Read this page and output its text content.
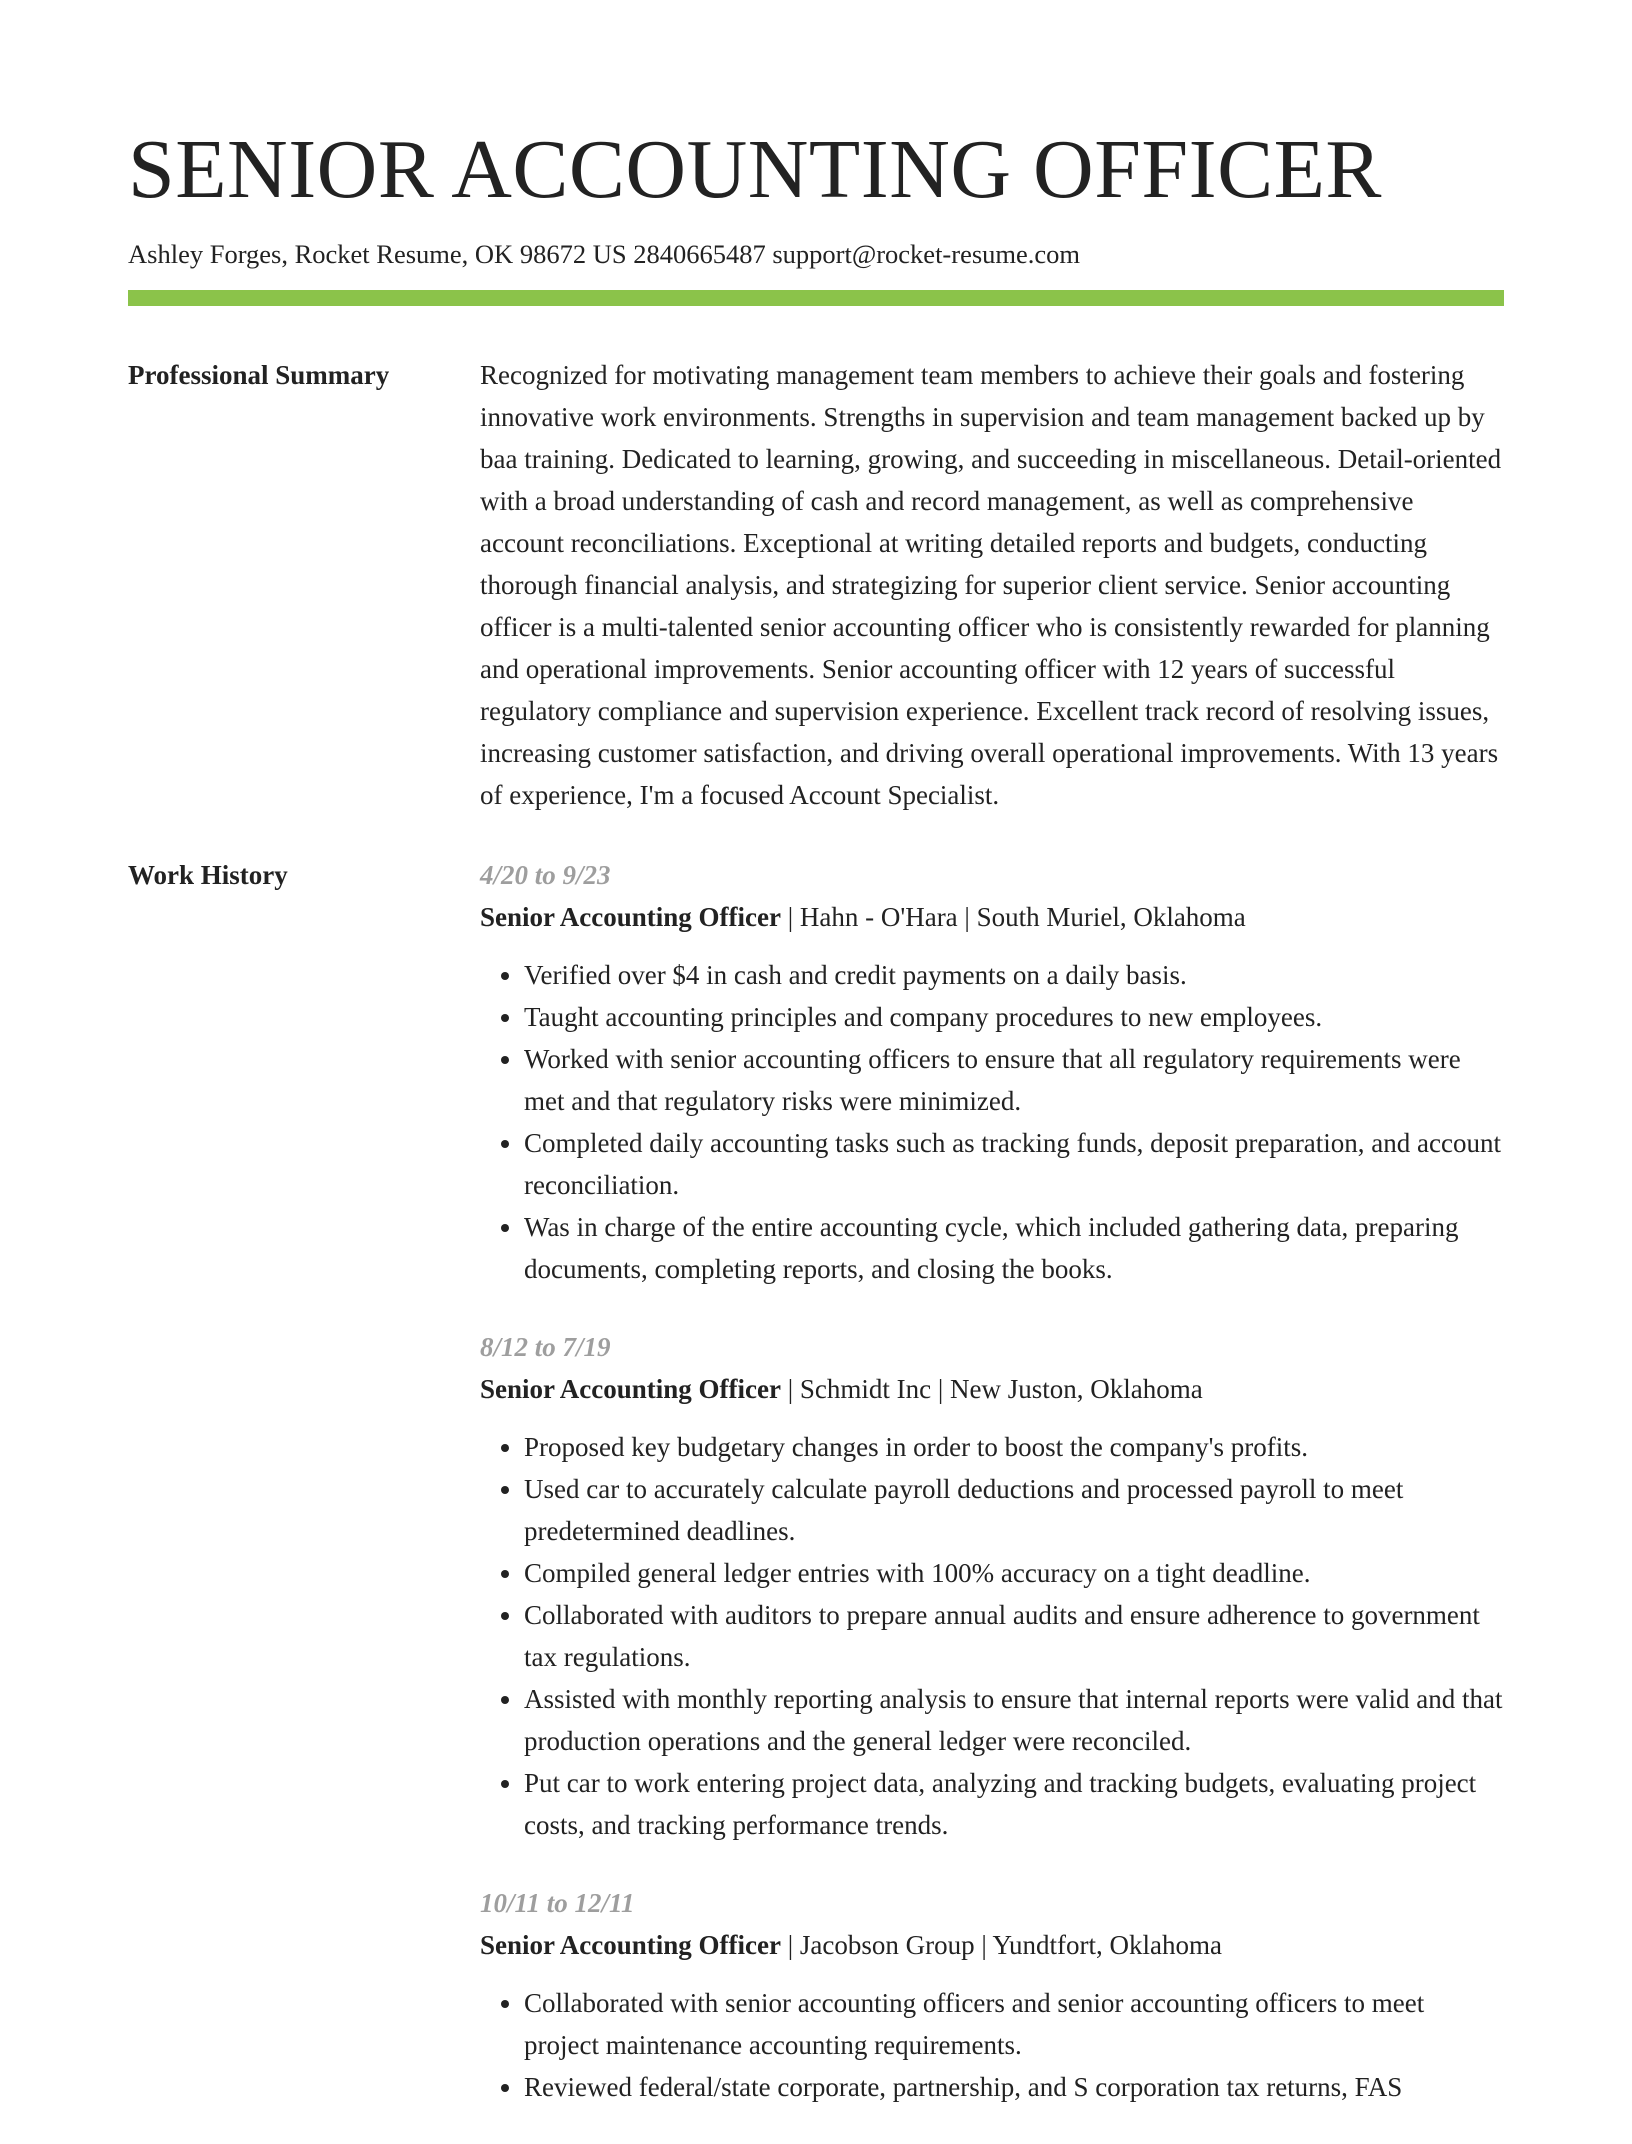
SENIOR ACCOUNTING OFFICER
Ashley Forges, Rocket Resume, OK 98672 US 2840665487 support@rocket-resume.com
Professional Summary	Recognized for motivating management team members to achieve their goals and fostering innovative work environments. Strengths in supervision and team management backed up by baa training. Dedicated to learning, growing, and succeeding in miscellaneous. Detail-oriented with a broad understanding of cash and record management, as well as comprehensive account reconciliations. Exceptional at writing detailed reports and budgets, conducting thorough financial analysis, and strategizing for superior client service. Senior accounting officer is a multi-talented senior accounting officer who is consistently rewarded for planning and operational improvements. Senior accounting officer with 12 years of successful regulatory compliance and supervision experience. Excellent track record of resolving issues, increasing customer satisfaction, and driving overall operational improvements. With 13 years of experience, I'm a focused Account Specialist.

Work History	4/20 to 9/23
Senior Accounting Officer | Hahn - O'Hara | South Muriel, Oklahoma
• Verified over $4 in cash and credit payments on a daily basis.
• Taught accounting principles and company procedures to new employees.
• Worked with senior accounting officers to ensure that all regulatory requirements were met and that regulatory risks were minimized.
• Completed daily accounting tasks such as tracking funds, deposit preparation, and account reconciliation.
• Was in charge of the entire accounting cycle, which included gathering data, preparing documents, completing reports, and closing the books.
8/12 to 7/19
Senior Accounting Officer | Schmidt Inc | New Juston, Oklahoma
• Proposed key budgetary changes in order to boost the company's profits.
• Used car to accurately calculate payroll deductions and processed payroll to meet predetermined deadlines.
• Compiled general ledger entries with 100% accuracy on a tight deadline.
• Collaborated with auditors to prepare annual audits and ensure adherence to government tax regulations.
• Assisted with monthly reporting analysis to ensure that internal reports were valid and that production operations and the general ledger were reconciled.
• Put car to work entering project data, analyzing and tracking budgets, evaluating project costs, and tracking performance trends.
10/11 to 12/11
Senior Accounting Officer | Jacobson Group | Yundtfort, Oklahoma
• Collaborated with senior accounting officers and senior accounting officers to meet project maintenance accounting requirements.
• Reviewed federal/state corporate, partnership, and S corporation tax returns, FAS
